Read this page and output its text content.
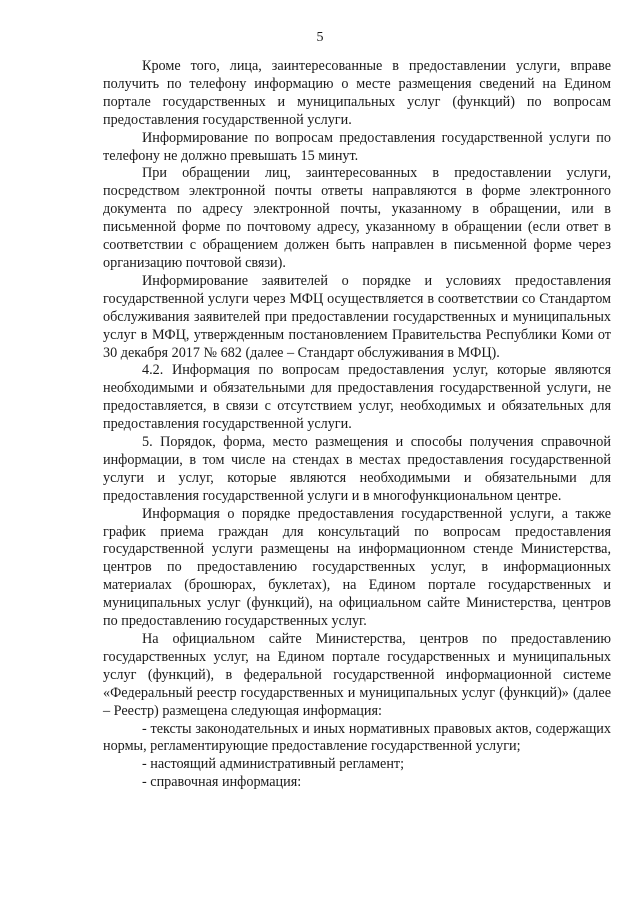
5

Кроме того, лица, заинтересованные в предоставлении услуги, вправе получить по телефону информацию о месте размещения сведений на Едином портале государственных и муниципальных услуг (функций) по вопросам предоставления государственной услуги.

Информирование по вопросам предоставления государственной услуги по телефону не должно превышать 15 минут.

При обращении лиц, заинтересованных в предоставлении услуги, посредством электронной почты ответы направляются в форме электронного документа по адресу электронной почты, указанному в обращении, или в письменной форме по почтовому адресу, указанному в обращении (если ответ в соответствии с обращением должен быть направлен в письменной форме через организацию почтовой связи).

Информирование заявителей о порядке и условиях предоставления государственной услуги через МФЦ осуществляется в соответствии со Стандартом обслуживания заявителей при предоставлении государственных и муниципальных услуг в МФЦ, утвержденным постановлением Правительства Республики Коми от 30 декабря 2017 № 682 (далее – Стандарт обслуживания в МФЦ).

4.2. Информация по вопросам предоставления услуг, которые являются необходимыми и обязательными для предоставления государственной услуги, не предоставляется, в связи с отсутствием услуг, необходимых и обязательных для предоставления государственной услуги.

5. Порядок, форма, место размещения и способы получения справочной информации, в том числе на стендах в местах предоставления государственной услуги и услуг, которые являются необходимыми и обязательными для предоставления государственной услуги и в многофункциональном центре.

Информация о порядке предоставления государственной услуги, а также график приема граждан для консультаций по вопросам предоставления государственной услуги размещены на информационном стенде Министерства, центров по предоставлению государственных услуг, в информационных материалах (брошюрах, буклетах), на Едином портале государственных и муниципальных услуг (функций), на официальном сайте Министерства, центров по предоставлению государственных услуг.

На официальном сайте Министерства, центров по предоставлению государственных услуг, на Едином портале государственных и муниципальных услуг (функций), в федеральной государственной информационной системе «Федеральный реестр государственных и муниципальных услуг (функций)» (далее – Реестр) размещена следующая информация:

- тексты законодательных и иных нормативных правовых актов, содержащих нормы, регламентирующие предоставление государственной услуги;

- настоящий административный регламент;

- справочная информация:
